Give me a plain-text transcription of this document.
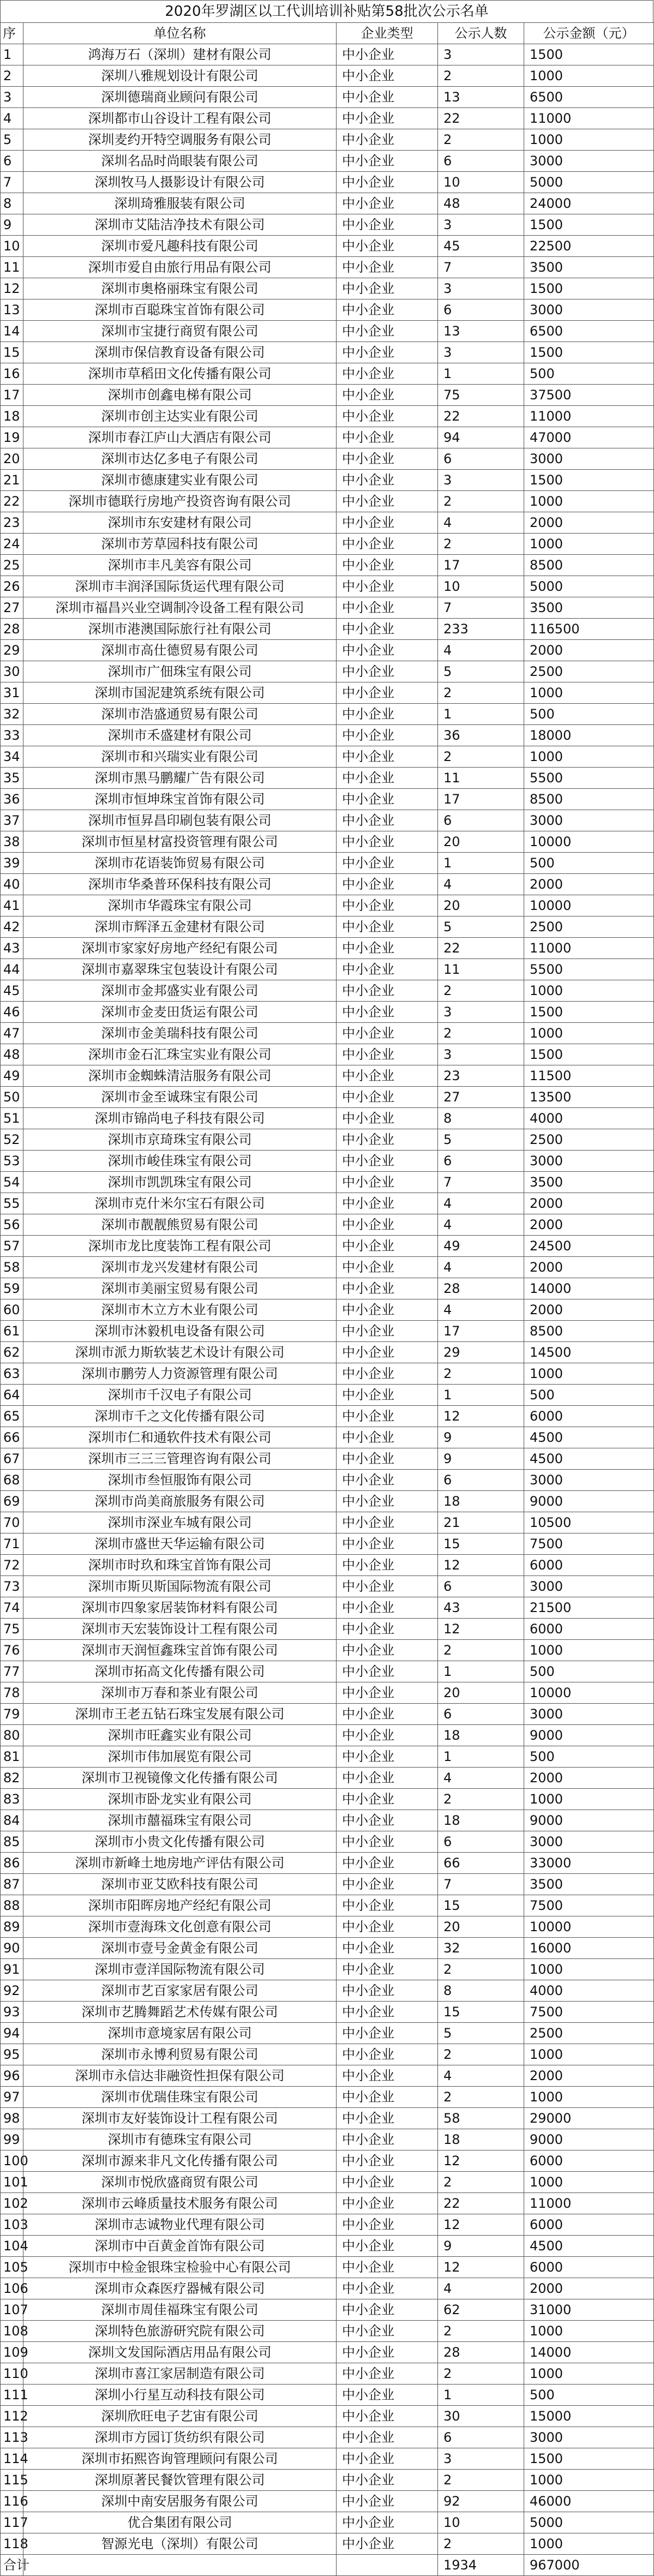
2020年罗湖区以工代训培训补贴第58批次公示名单
序	单位名称	企业类型	公示人数	公示金额（元）
1	鸿海万石（深圳）建材有限公司	中小企业	3	1500
2	深圳八雅规划设计有限公司	中小企业	2	1000
3	深圳德瑞商业顾问有限公司	中小企业	13	6500
4	深圳都市山谷设计工程有限公司	中小企业	22	11000
5	深圳麦约开特空调服务有限公司	中小企业	2	1000
6	深圳名品时尚眼装有限公司	中小企业	6	3000
7	深圳牧马人摄影设计有限公司	中小企业	10	5000
8	深圳琦雅服装有限公司	中小企业	48	24000
9	深圳市艾陆洁净技术有限公司	中小企业	3	1500
10	深圳市爱凡趣科技有限公司	中小企业	45	22500
11	深圳市爱自由旅行用品有限公司	中小企业	7	3500
12	深圳市奥格丽珠宝有限公司	中小企业	3	1500
13	深圳市百聪珠宝首饰有限公司	中小企业	6	3000
14	深圳市宝捷行商贸有限公司	中小企业	13	6500
15	深圳市保信教育设备有限公司	中小企业	3	1500
16	深圳市草稻田文化传播有限公司	中小企业	1	500
17	深圳市创鑫电梯有限公司	中小企业	75	37500
18	深圳市创主达实业有限公司	中小企业	22	11000
19	深圳市春江庐山大酒店有限公司	中小企业	94	47000
20	深圳市达亿多电子有限公司	中小企业	6	3000
21	深圳市德康建实业有限公司	中小企业	3	1500
22	深圳市德联行房地产投资咨询有限公司	中小企业	2	1000
23	深圳市东安建材有限公司	中小企业	4	2000
24	深圳市芳草园科技有限公司	中小企业	2	1000
25	深圳市丰凡美容有限公司	中小企业	17	8500
26	深圳市丰润泽国际货运代理有限公司	中小企业	10	5000
27	深圳市福昌兴业空调制冷设备工程有限公司	中小企业	7	3500
28	深圳市港澳国际旅行社有限公司	中小企业	233	116500
29	深圳市高仕德贸易有限公司	中小企业	4	2000
30	深圳市广佃珠宝有限公司	中小企业	5	2500
31	深圳市国泥建筑系统有限公司	中小企业	2	1000
32	深圳市浩盛通贸易有限公司	中小企业	1	500
33	深圳市禾盛建材有限公司	中小企业	36	18000
34	深圳市和兴瑞实业有限公司	中小企业	2	1000
35	深圳市黑马鹏耀广告有限公司	中小企业	11	5500
36	深圳市恒坤珠宝首饰有限公司	中小企业	17	8500
37	深圳市恒昇昌印刷包装有限公司	中小企业	6	3000
38	深圳市恒星材富投资管理有限公司	中小企业	20	10000
39	深圳市花语装饰贸易有限公司	中小企业	1	500
40	深圳市华桑普环保科技有限公司	中小企业	4	2000
41	深圳市华霞珠宝有限公司	中小企业	20	10000
42	深圳市辉泽五金建材有限公司	中小企业	5	2500
43	深圳市家家好房地产经纪有限公司	中小企业	22	11000
44	深圳市嘉翠珠宝包装设计有限公司	中小企业	11	5500
45	深圳市金邦盛实业有限公司	中小企业	2	1000
46	深圳市金麦田货运有限公司	中小企业	3	1500
47	深圳市金美瑞科技有限公司	中小企业	2	1000
48	深圳市金石汇珠宝实业有限公司	中小企业	3	1500
49	深圳市金蜘蛛清洁服务有限公司	中小企业	23	11500
50	深圳市金至诚珠宝有限公司	中小企业	27	13500
51	深圳市锦尚电子科技有限公司	中小企业	8	4000
52	深圳市京琦珠宝有限公司	中小企业	5	2500
53	深圳市峻佳珠宝有限公司	中小企业	6	3000
54	深圳市凯凯珠宝有限公司	中小企业	7	3500
55	深圳市克什米尔宝石有限公司	中小企业	4	2000
56	深圳市靓靓熊贸易有限公司	中小企业	4	2000
57	深圳市龙比度装饰工程有限公司	中小企业	49	24500
58	深圳市龙兴发建材有限公司	中小企业	4	2000
59	深圳市美丽宝贸易有限公司	中小企业	28	14000
60	深圳市木立方木业有限公司	中小企业	4	2000
61	深圳市沐毅机电设备有限公司	中小企业	17	8500
62	深圳市派力斯软装艺术设计有限公司	中小企业	29	14500
63	深圳市鹏劳人力资源管理有限公司	中小企业	2	1000
64	深圳市千汉电子有限公司	中小企业	1	500
65	深圳市千之文化传播有限公司	中小企业	12	6000
66	深圳市仁和通软件技术有限公司	中小企业	9	4500
67	深圳市三三三管理咨询有限公司	中小企业	9	4500
68	深圳市叁恒服饰有限公司	中小企业	6	3000
69	深圳市尚美商旅服务有限公司	中小企业	18	9000
70	深圳市深业车城有限公司	中小企业	21	10500
71	深圳市盛世天华运输有限公司	中小企业	15	7500
72	深圳市时玖和珠宝首饰有限公司	中小企业	12	6000
73	深圳市斯贝斯国际物流有限公司	中小企业	6	3000
74	深圳市四象家居装饰材料有限公司	中小企业	43	21500
75	深圳市天宏装饰设计工程有限公司	中小企业	12	6000
76	深圳市天润恒鑫珠宝首饰有限公司	中小企业	2	1000
77	深圳市拓高文化传播有限公司	中小企业	1	500
78	深圳市万春和茶业有限公司	中小企业	20	10000
79	深圳市王老五钻石珠宝发展有限公司	中小企业	6	3000
80	深圳市旺鑫实业有限公司	中小企业	18	9000
81	深圳市伟加展览有限公司	中小企业	1	500
82	深圳市卫视镜像文化传播有限公司	中小企业	4	2000
83	深圳市卧龙实业有限公司	中小企业	2	1000
84	深圳市囍福珠宝有限公司	中小企业	18	9000
85	深圳市小贵文化传播有限公司	中小企业	6	3000
86	深圳市新峰土地房地产评估有限公司	中小企业	66	33000
87	深圳市亚艾欧科技有限公司	中小企业	7	3500
88	深圳市阳晖房地产经纪有限公司	中小企业	15	7500
89	深圳市壹海珠文化创意有限公司	中小企业	20	10000
90	深圳市壹号金黄金有限公司	中小企业	32	16000
91	深圳市壹洋国际物流有限公司	中小企业	2	1000
92	深圳市艺百家家居有限公司	中小企业	8	4000
93	深圳市艺腾舞蹈艺术传媒有限公司	中小企业	15	7500
94	深圳市意境家居有限公司	中小企业	5	2500
95	深圳市永博利贸易有限公司	中小企业	2	1000
96	深圳市永信达非融资性担保有限公司	中小企业	4	2000
97	深圳市优瑞佳珠宝有限公司	中小企业	2	1000
98	深圳市友好装饰设计工程有限公司	中小企业	58	29000
99	深圳市有德珠宝有限公司	中小企业	18	9000
100	深圳市源来非凡文化传播有限公司	中小企业	12	6000
101	深圳市悦欣盛商贸有限公司	中小企业	2	1000
102	深圳市云峰质量技术服务有限公司	中小企业	22	11000
103	深圳市志诚物业代理有限公司	中小企业	12	6000
104	深圳市中百黄金首饰有限公司	中小企业	9	4500
105	深圳市中检金银珠宝检验中心有限公司	中小企业	12	6000
106	深圳市众森医疗器械有限公司	中小企业	4	2000
107	深圳市周佳福珠宝有限公司	中小企业	62	31000
108	深圳特色旅游研究院有限公司	中小企业	2	1000
109	深圳文发国际酒店用品有限公司	中小企业	28	14000
110	深圳市喜江家居制造有限公司	中小企业	2	1000
111	深圳小行星互动科技有限公司	中小企业	1	500
112	深圳欣旺电子艺宙有限公司	中小企业	30	15000
113	深圳市方园订货纺织有限公司	中小企业	6	3000
114	深圳市拓熙咨询管理顾问有限公司	中小企业	3	1500
115	深圳原著民餐饮管理有限公司	中小企业	2	1000
116	深圳中南安居服务有限公司	中小企业	92	46000
117	优合集团有限公司	中小企业	10	5000
118	智源光电（深圳）有限公司	中小企业	2	1000
合计			1934	967000
